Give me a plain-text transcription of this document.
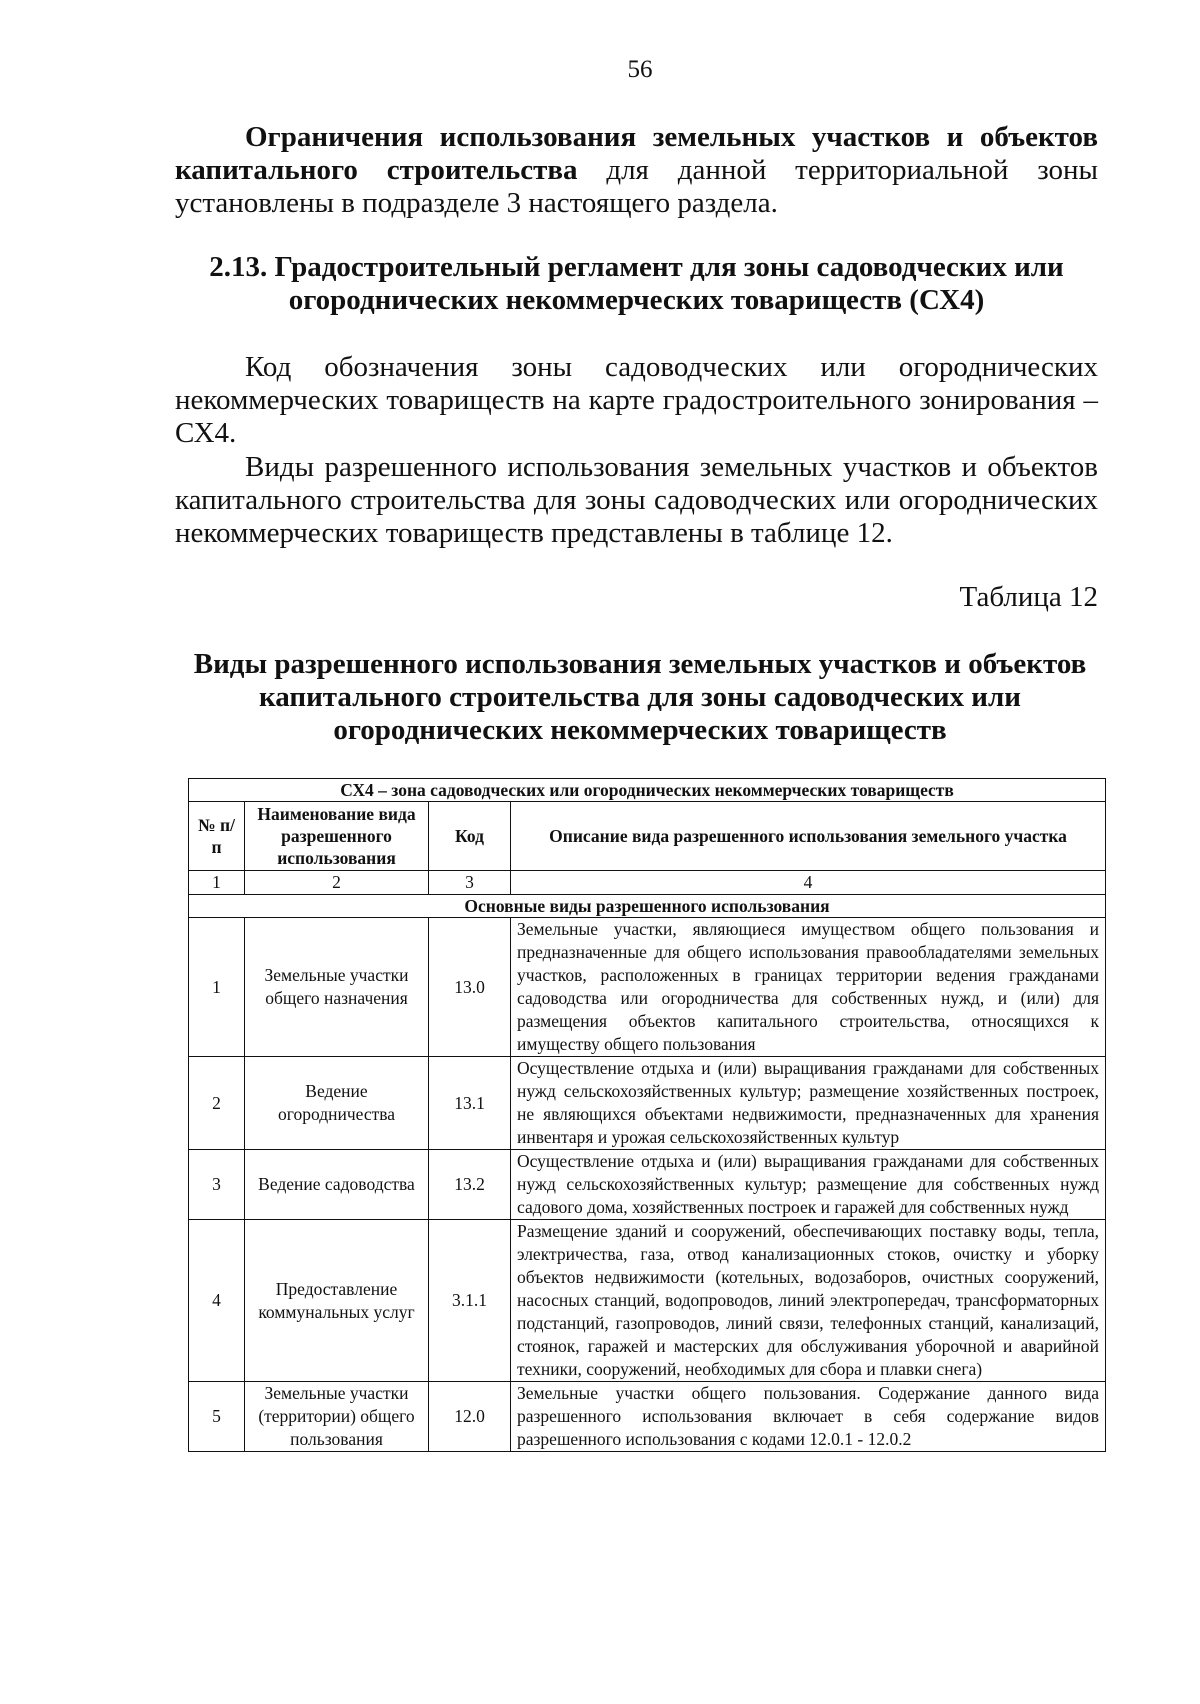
56

Ограничения использования земельных участков и объектов капитального строительства для данной территориальной зоны установлены в подразделе 3 настоящего раздела.

2.13. Градостроительный регламент для зоны садоводческих или огороднических некоммерческих товариществ (СХ4)

Код обозначения зоны садоводческих или огороднических некоммерческих товариществ на карте градостроительного зонирования – СХ4.

Виды разрешенного использования земельных участков и объектов капитального строительства для зоны садоводческих или огороднических некоммерческих товариществ представлены в таблице 12.

Таблица 12

Виды разрешенного использования земельных участков и объектов капитального строительства для зоны садоводческих или огороднических некоммерческих товариществ

СХ4 – зона садоводческих или огороднических некоммерческих товариществ			
№ п/п	Наименование вида разрешенного использования	Код	Описание вида разрешенного использования земельного участка
1	2	3	4
Основные виды разрешенного использования			
1	Земельные участки общего назначения	13.0	Земельные участки, являющиеся имуществом общего пользования и предназначенные для общего использования правообладателями земельных участков, расположенных в границах территории ведения гражданами садоводства или огородничества для собственных нужд, и (или) для размещения объектов капитального строительства, относящихся к имуществу общего пользования
2	Ведение огородничества	13.1	Осуществление отдыха и (или) выращивания гражданами для собственных нужд сельскохозяйственных культур; размещение хозяйственных построек, не являющихся объектами недвижимости, предназначенных для хранения инвентаря и урожая сельскохозяйственных культур
3	Ведение садоводства	13.2	Осуществление отдыха и (или) выращивания гражданами для собственных нужд сельскохозяйственных культур; размещение для собственных нужд садового дома, хозяйственных построек и гаражей для собственных нужд
4	Предоставление коммунальных услуг	3.1.1	Размещение зданий и сооружений, обеспечивающих поставку воды, тепла, электричества, газа, отвод канализационных стоков, очистку и уборку объектов недвижимости (котельных, водозаборов, очистных сооружений, насосных станций, водопроводов, линий электропередач, трансформаторных подстанций, газопроводов, линий связи, телефонных станций, канализаций, стоянок, гаражей и мастерских для обслуживания уборочной и аварийной техники, сооружений, необходимых для сбора и плавки снега)
5	Земельные участки (территории) общего пользования	12.0	Земельные участки общего пользования. Содержание данного вида разрешенного использования включает в себя содержание видов разрешенного использования с кодами 12.0.1 - 12.0.2
